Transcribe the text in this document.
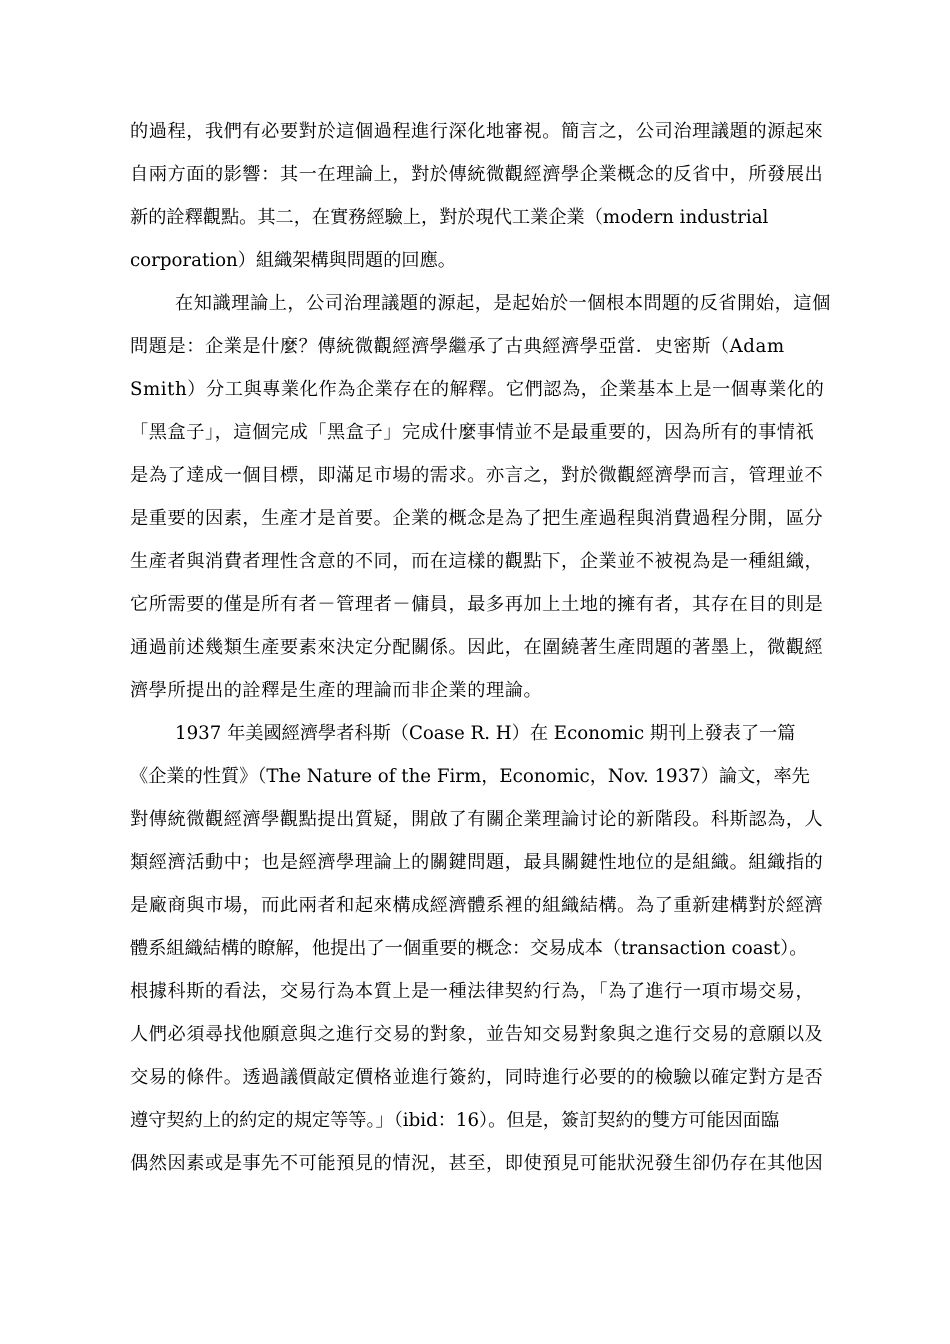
的過程，我們有必要對於這個過程進行深化地審視。簡言之，公司治理議題的源起來
自兩方面的影響：其一在理論上，對於傳統微觀經濟學企業概念的反省中，所發展出
新的詮釋觀點。其二，在實務經驗上，對於現代工業企業（modern industrial
corporation）組織架構與問題的回應。
在知識理論上，公司治理議題的源起，是起始於一個根本問題的反省開始，這個
問題是：企業是什麼？傳統微觀經濟學繼承了古典經濟學亞當．史密斯（Adam
Smith）分工與專業化作為企業存在的解釋。它們認為，企業基本上是一個專業化的
「黑盒子」，這個完成「黑盒子」完成什麼事情並不是最重要的，因為所有的事情祇
是為了達成一個目標，即滿足市場的需求。亦言之，對於微觀經濟學而言，管理並不
是重要的因素，生產才是首要。企業的概念是為了把生產過程與消費過程分開，區分
生產者與消費者理性含意的不同，而在這樣的觀點下，企業並不被視為是一種組織，
它所需要的僅是所有者－管理者－傭員，最多再加上土地的擁有者，其存在目的則是
通過前述幾類生產要素來決定分配關係。因此，在圍繞著生產問題的著墨上，微觀經
濟學所提出的詮釋是生產的理論而非企業的理論。
1937 年美國經濟學者科斯（Coase R. H）在 Economic 期刊上發表了一篇
《企業的性質》（The Nature of the Firm，Economic，Nov. 1937）論文，率先
對傳統微觀經濟學觀點提出質疑，開啟了有關企業理論讨论的新階段。科斯認為，人
類經濟活動中；也是經濟學理論上的關鍵問題，最具關鍵性地位的是組織。組織指的
是廠商與市場，而此兩者和起來構成經濟體系裡的組織結構。為了重新建構對於經濟
體系組織結構的瞭解，他提出了一個重要的概念：交易成本（transaction coast）。
根據科斯的看法，交易行為本質上是一種法律契約行為，「為了進行一項市場交易，
人們必須尋找他願意與之進行交易的對象，並告知交易對象與之進行交易的意願以及
交易的條件。透過議價敲定價格並進行簽約，同時進行必要的的檢驗以確定對方是否
遵守契約上的約定的規定等等。」（ibid：16）。但是，簽訂契約的雙方可能因面臨
偶然因素或是事先不可能預見的情況，甚至，即使預見可能狀況發生卻仍存在其他因
